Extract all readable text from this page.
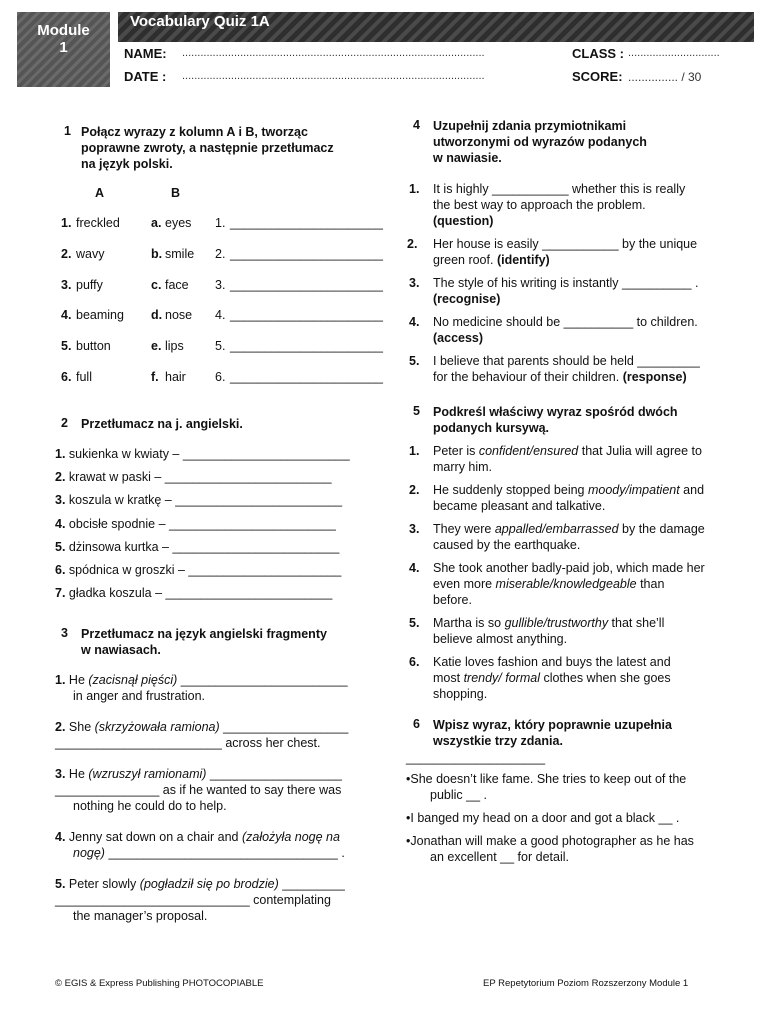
Module
1
Vocabulary Quiz 1A
NAME: ...................................................................................................	CLASS : ..............................
DATE : ...................................................................................................	SCORE: ............... / 30
1 Połącz wyrazy z kolumn A i B, tworząc
poprawne zwroty, a następnie przetłumacz
na język polski.
A	B
1. freckled a. eyes 1. ______________________
2. wavy	b. smile 2. ______________________
3. puffy	c. face 3. ______________________
4. beaming d. nose 4. ______________________
5. button	e. lips 5. ______________________
6. full	f. hair 6. ______________________
2 Przetłumacz na j. angielski.
1. sukienka w kwiaty – ________________________
2. krawat w paski – ________________________
3. koszula w kratkę – ________________________
4. obcisłe spodnie – ________________________
5. dżinsowa kurtka – ________________________
6. spódnica w groszki – ______________________
7. gładka koszula – ________________________
3 Przetłumacz na język angielski fragmenty
w nawiasach.
1. He (zacisnął pięści) ________________________
in anger and frustration.
2. She (skrzyżowała ramiona) __________________
________________________ across her chest.
3. He (wzruszył ramionami) ___________________
_______________ as if he wanted to say there was
nothing he could do to help.
4. Jenny sat down on a chair and (założyła nogę na
nogę) _________________________________ .
5. Peter slowly (pogładził się po brodzie) _________
____________________________ contemplating
the manager’s proposal.
4 Uzupełnij zdania przymiotnikami
utworzonymi od wyrazów podanych
w nawiasie.
1. It is highly ___________ whether this is really
the best way to approach the problem.
(question)
2. Her house is easily ___________ by the unique
green roof. (identify)
3. The style of his writing is instantly __________ .
(recognise)
4. No medicine should be __________ to children.
(access)
5. I believe that parents should be held _________
for the behaviour of their children. (response)
5 Podkreśl właściwy wyraz spośród dwóch
podanych kursywą.
1. Peter is confident/ensured that Julia will agree to
marry him.
2. He suddenly stopped being moody/impatient and
became pleasant and talkative.
3. They were appalled/embarrassed by the damage
caused by the earthquake.
4. She took another badly-paid job, which made her
even more miserable/knowledgeable than
before.
5. Martha is so gullible/trustworthy that she’ll
believe almost anything.
6. Katie loves fashion and buys the latest and
most trendy/ formal clothes when she goes
shopping.
6 Wpisz wyraz, który poprawnie uzupełnia
wszystkie trzy zdania.
____________________
•She doesn’t like fame. She tries to keep out of the
public __ .
•I banged my head on a door and got a black __ .
•Jonathan will make a good photographer as he has
an excellent __ for detail.
© EGIS & Express Publishing PHOTOCOPIABLE	EP Repetytorium Poziom Rozszerzony Module 1
